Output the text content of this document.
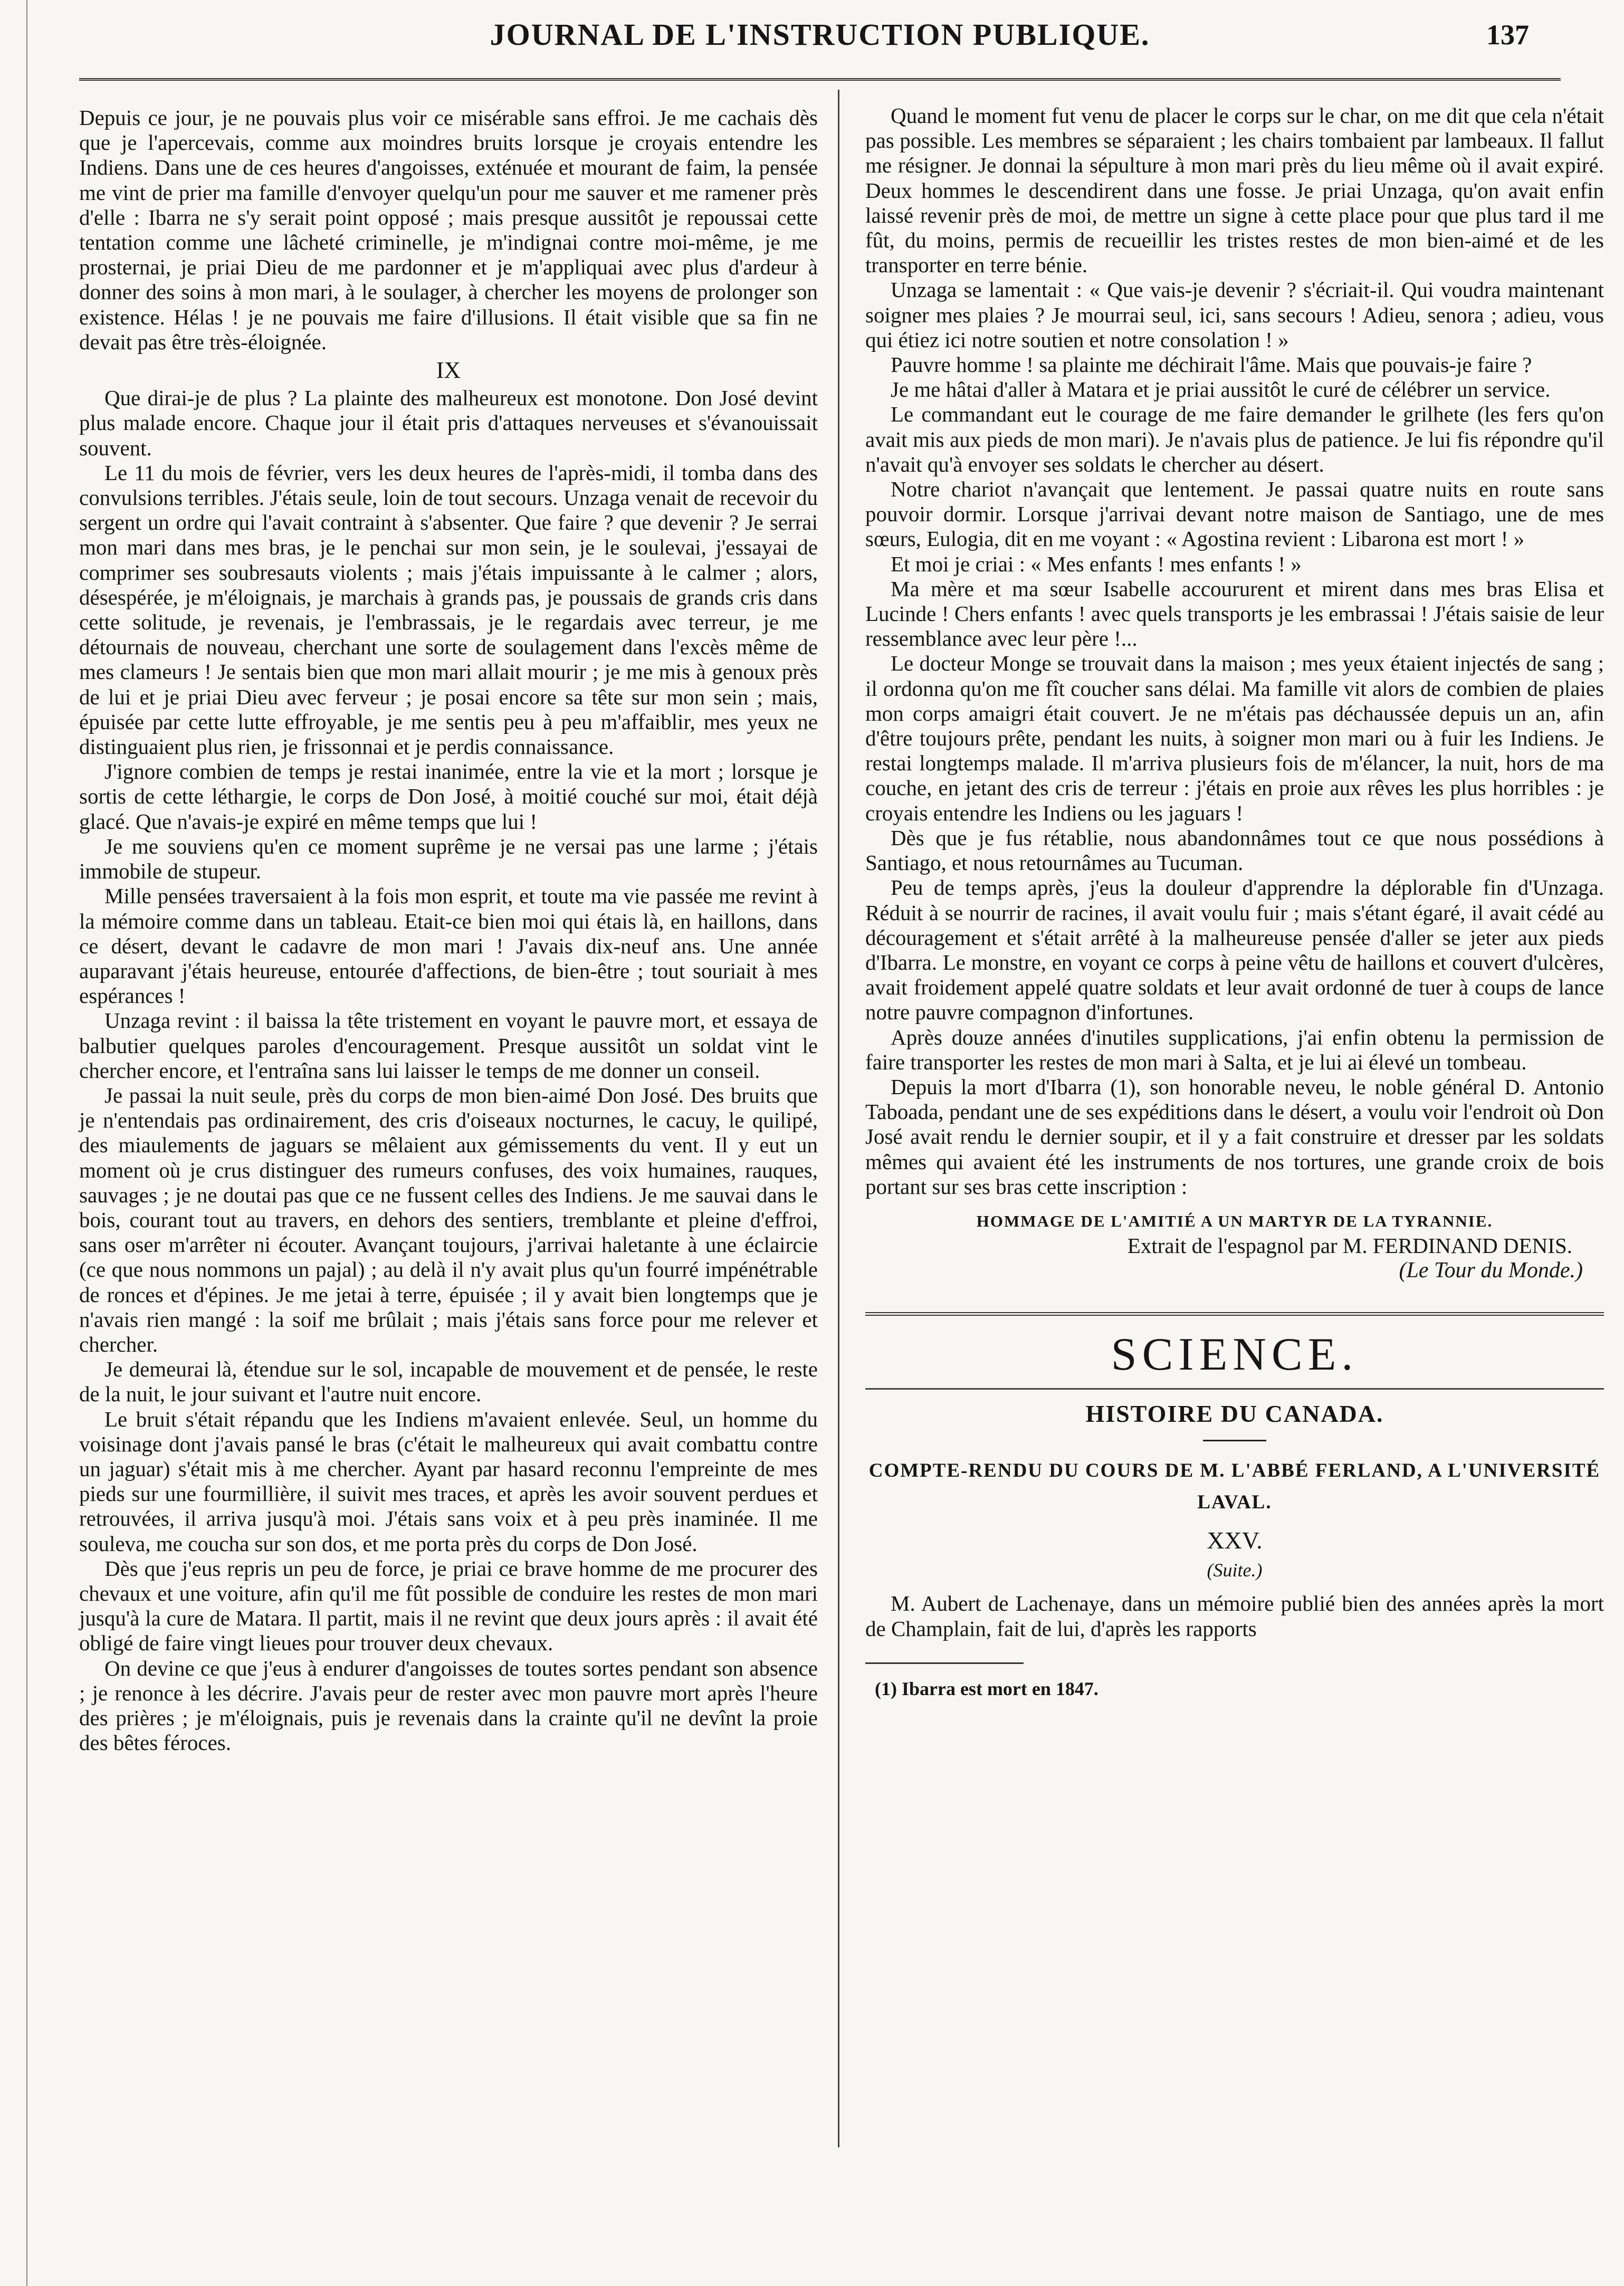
JOURNAL DE L'INSTRUCTION PUBLIQUE.	137

Depuis ce jour, je ne pouvais plus voir ce misérable sans effroi. Je me cachais dès que je l'apercevais, comme aux moindres bruits lorsque je croyais entendre les Indiens. Dans une de ces heures d'angoisses, exténuée et mourant de faim, la pensée me vint de prier ma famille d'envoyer quelqu'un pour me sauver et me ramener près d'elle : Ibarra ne s'y serait point opposé ; mais presque aussitôt je repoussai cette tentation comme une lâcheté criminelle, je m'indignai contre moi-même, je me prosternai, je priai Dieu de me pardonner et je m'appliquai avec plus d'ardeur à donner des soins à mon mari, à le soulager, à chercher les moyens de prolonger son existence. Hélas ! je ne pouvais me faire d'illusions. Il était visible que sa fin ne devait pas être très-éloignée.

IX

Que dirai-je de plus ? La plainte des malheureux est monotone. Don José devint plus malade encore. Chaque jour il était pris d'attaques nerveuses et s'évanouissait souvent.

Le 11 du mois de février, vers les deux heures de l'après-midi, il tomba dans des convulsions terribles. J'étais seule, loin de tout secours. Unzaga venait de recevoir du sergent un ordre qui l'avait contraint à s'absenter. Que faire ? que devenir ? Je serrai mon mari dans mes bras, je le penchai sur mon sein, je le soulevai, j'essayai de comprimer ses soubresauts violents ; mais j'étais impuissante à le calmer ; alors, désespérée, je m'éloignais, je marchais à grands pas, je poussais de grands cris dans cette solitude, je revenais, je l'embrassais, je le regardais avec terreur, je me détournais de nouveau, cherchant une sorte de soulagement dans l'excès même de mes clameurs ! Je sentais bien que mon mari allait mourir ; je me mis à genoux près de lui et je priai Dieu avec ferveur ; je posai encore sa tête sur mon sein ; mais, épuisée par cette lutte effroyable, je me sentis peu à peu m'affaiblir, mes yeux ne distinguaient plus rien, je frissonnai et je perdis connaissance.

J'ignore combien de temps je restai inanimée, entre la vie et la mort ; lorsque je sortis de cette léthargie, le corps de Don José, à moitié couché sur moi, était déjà glacé. Que n'avais-je expiré en même temps que lui !

Je me souviens qu'en ce moment suprême je ne versai pas une larme ; j'étais immobile de stupeur.

Mille pensées traversaient à la fois mon esprit, et toute ma vie passée me revint à la mémoire comme dans un tableau. Etait-ce bien moi qui étais là, en haillons, dans ce désert, devant le cadavre de mon mari ! J'avais dix-neuf ans. Une année auparavant j'étais heureuse, entourée d'affections, de bien-être ; tout souriait à mes espérances !

Unzaga revint : il baissa la tête tristement en voyant le pauvre mort, et essaya de balbutier quelques paroles d'encouragement. Presque aussitôt un soldat vint le chercher encore, et l'entraîna sans lui laisser le temps de me donner un conseil.

Je passai la nuit seule, près du corps de mon bien-aimé Don José. Des bruits que je n'entendais pas ordinairement, des cris d'oiseaux nocturnes, le cacuy, le quilipé, des miaulements de jaguars se mêlaient aux gémissements du vent. Il y eut un moment où je crus distinguer des rumeurs confuses, des voix humaines, rauques, sauvages ; je ne doutai pas que ce ne fussent celles des Indiens. Je me sauvai dans le bois, courant tout au travers, en dehors des sentiers, tremblante et pleine d'effroi, sans oser m'arrêter ni écouter. Avançant toujours, j'arrivai haletante à une éclaircie (ce que nous nommons un pajal) ; au delà il n'y avait plus qu'un fourré impénétrable de ronces et d'épines. Je me jetai à terre, épuisée ; il y avait bien longtemps que je n'avais rien mangé : la soif me brûlait ; mais j'étais sans force pour me relever et chercher.

Je demeurai là, étendue sur le sol, incapable de mouvement et de pensée, le reste de la nuit, le jour suivant et l'autre nuit encore.

Le bruit s'était répandu que les Indiens m'avaient enlevée. Seul, un homme du voisinage dont j'avais pansé le bras (c'était le malheureux qui avait combattu contre un jaguar) s'était mis à me chercher. Ayant par hasard reconnu l'empreinte de mes pieds sur une fourmillière, il suivit mes traces, et après les avoir souvent perdues et retrouvées, il arriva jusqu'à moi. J'étais sans voix et à peu près inaminée. Il me souleva, me coucha sur son dos, et me porta près du corps de Don José.

Dès que j'eus repris un peu de force, je priai ce brave homme de me procurer des chevaux et une voiture, afin qu'il me fût possible de conduire les restes de mon mari jusqu'à la cure de Matara. Il partit, mais il ne revint que deux jours après : il avait été obligé de faire vingt lieues pour trouver deux chevaux.

On devine ce que j'eus à endurer d'angoisses de toutes sortes pendant son absence ; je renonce à les décrire. J'avais peur de rester avec mon pauvre mort après l'heure des prières ; je m'éloignais, puis je revenais dans la crainte qu'il ne devînt la proie des bêtes féroces.

Quand le moment fut venu de placer le corps sur le char, on me dit que cela n'était pas possible. Les membres se séparaient ; les chairs tombaient par lambeaux. Il fallut me résigner. Je donnai la sépulture à mon mari près du lieu même où il avait expiré. Deux hommes le descendirent dans une fosse. Je priai Unzaga, qu'on avait enfin laissé revenir près de moi, de mettre un signe à cette place pour que plus tard il me fût, du moins, permis de recueillir les tristes restes de mon bien-aimé et de les transporter en terre bénie.

Unzaga se lamentait : « Que vais-je devenir ? s'écriait-il. Qui voudra maintenant soigner mes plaies ? Je mourrai seul, ici, sans secours ! Adieu, senora ; adieu, vous qui étiez ici notre soutien et notre consolation ! »

Pauvre homme ! sa plainte me déchirait l'âme. Mais que pouvais-je faire ?

Je me hâtai d'aller à Matara et je priai aussitôt le curé de célébrer un service.

Le commandant eut le courage de me faire demander le grilhete (les fers qu'on avait mis aux pieds de mon mari). Je n'avais plus de patience. Je lui fis répondre qu'il n'avait qu'à envoyer ses soldats le chercher au désert.

Notre chariot n'avançait que lentement. Je passai quatre nuits en route sans pouvoir dormir. Lorsque j'arrivai devant notre maison de Santiago, une de mes sœurs, Eulogia, dit en me voyant : « Agostina revient : Libarona est mort ! »

Et moi je criai : « Mes enfants ! mes enfants ! »

Ma mère et ma sœur Isabelle accoururent et mirent dans mes bras Elisa et Lucinde ! Chers enfants ! avec quels transports je les embrassai ! J'étais saisie de leur ressemblance avec leur père !...

Le docteur Monge se trouvait dans la maison ; mes yeux étaient injectés de sang ; il ordonna qu'on me fît coucher sans délai. Ma famille vit alors de combien de plaies mon corps amaigri était couvert. Je ne m'étais pas déchaussée depuis un an, afin d'être toujours prête, pendant les nuits, à soigner mon mari ou à fuir les Indiens. Je restai longtemps malade. Il m'arriva plusieurs fois de m'élancer, la nuit, hors de ma couche, en jetant des cris de terreur : j'étais en proie aux rêves les plus horribles : je croyais entendre les Indiens ou les jaguars !

Dès que je fus rétablie, nous abandonnâmes tout ce que nous possédions à Santiago, et nous retournâmes au Tucuman.

Peu de temps après, j'eus la douleur d'apprendre la déplorable fin d'Unzaga. Réduit à se nourrir de racines, il avait voulu fuir ; mais s'étant égaré, il avait cédé au découragement et s'était arrêté à la malheureuse pensée d'aller se jeter aux pieds d'Ibarra. Le monstre, en voyant ce corps à peine vêtu de haillons et couvert d'ulcères, avait froidement appelé quatre soldats et leur avait ordonné de tuer à coups de lance notre pauvre compagnon d'infortunes.

Après douze années d'inutiles supplications, j'ai enfin obtenu la permission de faire transporter les restes de mon mari à Salta, et je lui ai élevé un tombeau.

Depuis la mort d'Ibarra (1), son honorable neveu, le noble général D. Antonio Taboada, pendant une de ses expéditions dans le désert, a voulu voir l'endroit où Don José avait rendu le dernier soupir, et il y a fait construire et dresser par les soldats mêmes qui avaient été les instruments de nos tortures, une grande croix de bois portant sur ses bras cette inscription :

HOMMAGE DE L'AMITIÉ A UN MARTYR DE LA TYRANNIE.

Extrait de l'espagnol par M. FERDINAND DENIS.

(Le Tour du Monde.)

SCIENCE.

HISTOIRE DU CANADA.

COMPTE-RENDU DU COURS DE M. L'ABBÉ FERLAND, A L'UNIVERSITÉ LAVAL.

XXV.

(Suite.)

M. Aubert de Lachenaye, dans un mémoire publié bien des années après la mort de Champlain, fait de lui, d'après les rapports

(1) Ibarra est mort en 1847.
